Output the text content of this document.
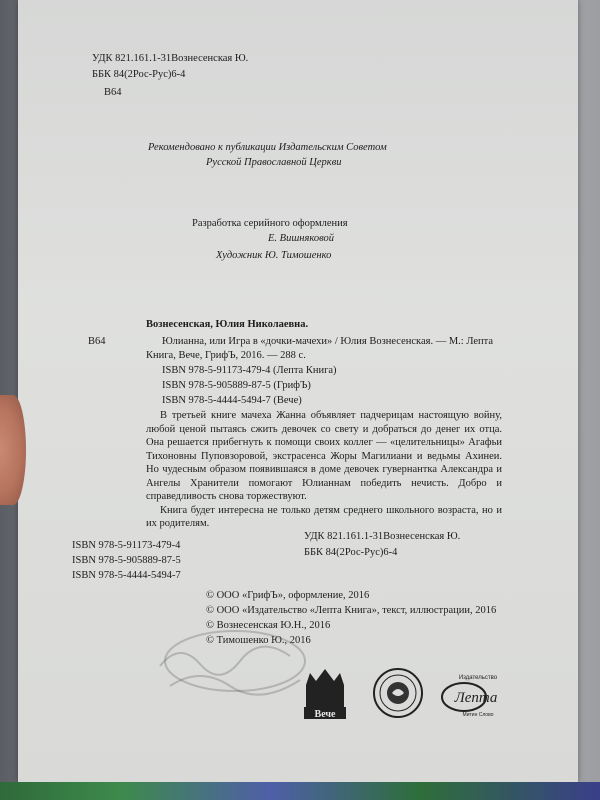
УДК 821.161.1-31Вознесенская Ю.
ББК 84(2Рос-Рус)6-4
В64
Рекомендовано к публикации Издательским Советом
Русской Православной Церкви
Разработка серийного оформления
Е. Вишняковой
Художник Ю. Тимошенко
Вознесенская, Юлия Николаевна.
В64	Юлианна, или Игра в «дочки-мачехи» / Юлия Вознесенская. — М.: Лепта
Книга, Вече, ГрифЪ, 2016. — 288 с.
ISBN 978-5-91173-479-4 (Лепта Книга)
ISBN 978-5-905889-87-5 (ГрифЪ)
ISBN 978-5-4444-5494-7 (Вече)

В третьей книге мачеха Жанна объявляет падчерицам настоящую войну, любой ценой пытаясь сжить девочек со свету и добраться до денег их отца. Она решается прибегнуть к помощи своих коллег — «целительницы» Агафьи Тихоновны Пуповзоровой, экстрасенса Жоры Магилиани и ведьмы Ахинеи. Но чудесным образом появившаяся в доме девочек гувернантка Александра и Ангелы Хранители помогают Юлианнам победить нечисть. Добро и справедливость снова торжествуют.

Книга будет интересна не только детям среднего школьного возраста, но и их родителям.

ISBN 978-5-91173-479-4
ISBN 978-5-905889-87-5
ISBN 978-5-4444-5494-7
УДК 821.161.1-31Вознесенская Ю.
ББК 84(2Рос-Рус)6-4
© ООО «ГрифЪ», оформление, 2016
© ООО «Издательство «Лепта Книга», текст, иллюстрации, 2016
© Вознесенская Ю.Н., 2016
© Тимошенко Ю., 2016
Вече
Издательство
Лепта
Митин Слово
